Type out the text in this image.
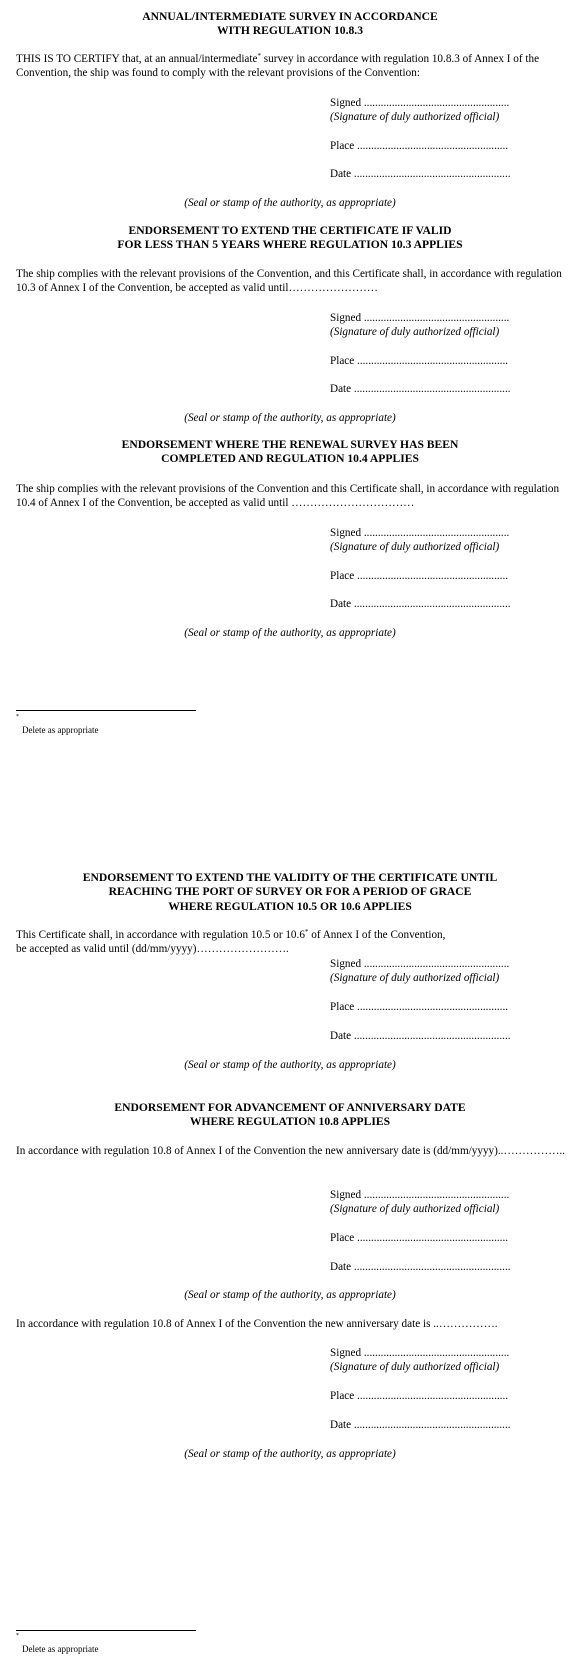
ANNUAL/INTERMEDIATE SURVEY IN ACCORDANCE
WITH REGULATION 10.8.3
THIS IS TO CERTIFY that, at an annual/intermediate* survey in accordance with regulation 10.8.3 of Annex I of the Convention, the ship was found to comply with the relevant provisions of the Convention:
Signed ....................................................
(Signature of duly authorized official)
Place ......................................................
Date ........................................................
(Seal or stamp of the authority, as appropriate)
ENDORSEMENT TO EXTEND THE CERTIFICATE IF VALID
FOR LESS THAN 5 YEARS WHERE REGULATION 10.3 APPLIES
The ship complies with the relevant provisions of the Convention, and this Certificate shall, in accordance with regulation 10.3 of Annex I of the Convention, be accepted as valid until……………………
Signed ....................................................
(Signature of duly authorized official)
Place ......................................................
Date ........................................................
(Seal or stamp of the authority, as appropriate)
ENDORSEMENT WHERE THE RENEWAL SURVEY HAS BEEN
COMPLETED AND REGULATION 10.4 APPLIES
The ship complies with the relevant provisions of the Convention and this Certificate shall, in accordance with regulation 10.4 of Annex I of the Convention, be accepted as valid until ……………………………
Signed ....................................................
(Signature of duly authorized official)
Place ......................................................
Date ........................................................
(Seal or stamp of the authority, as appropriate)
*
Delete as appropriate
ENDORSEMENT TO EXTEND THE VALIDITY OF THE CERTIFICATE UNTIL
REACHING THE PORT OF SURVEY OR FOR A PERIOD OF GRACE
WHERE REGULATION 10.5 OR 10.6 APPLIES
This Certificate shall, in accordance with regulation 10.5 or 10.6* of Annex I of the Convention,
be accepted as valid until (dd/mm/yyyy)…………………….
Signed ....................................................
(Signature of duly authorized official)
Place ......................................................
Date ........................................................
(Seal or stamp of the authority, as appropriate)
ENDORSEMENT FOR ADVANCEMENT OF ANNIVERSARY DATE
WHERE REGULATION 10.8 APPLIES
In accordance with regulation 10.8 of Annex I of the Convention the new anniversary date is (dd/mm/yyyy)..……………..
Signed ....................................................
(Signature of duly authorized official)
Place ......................................................
Date ........................................................
(Seal or stamp of the authority, as appropriate)
In accordance with regulation 10.8 of Annex I of the Convention the new anniversary date is ..…………….
Signed ....................................................
(Signature of duly authorized official)
Place ......................................................
Date ........................................................
(Seal or stamp of the authority, as appropriate)
*
Delete as appropriate
